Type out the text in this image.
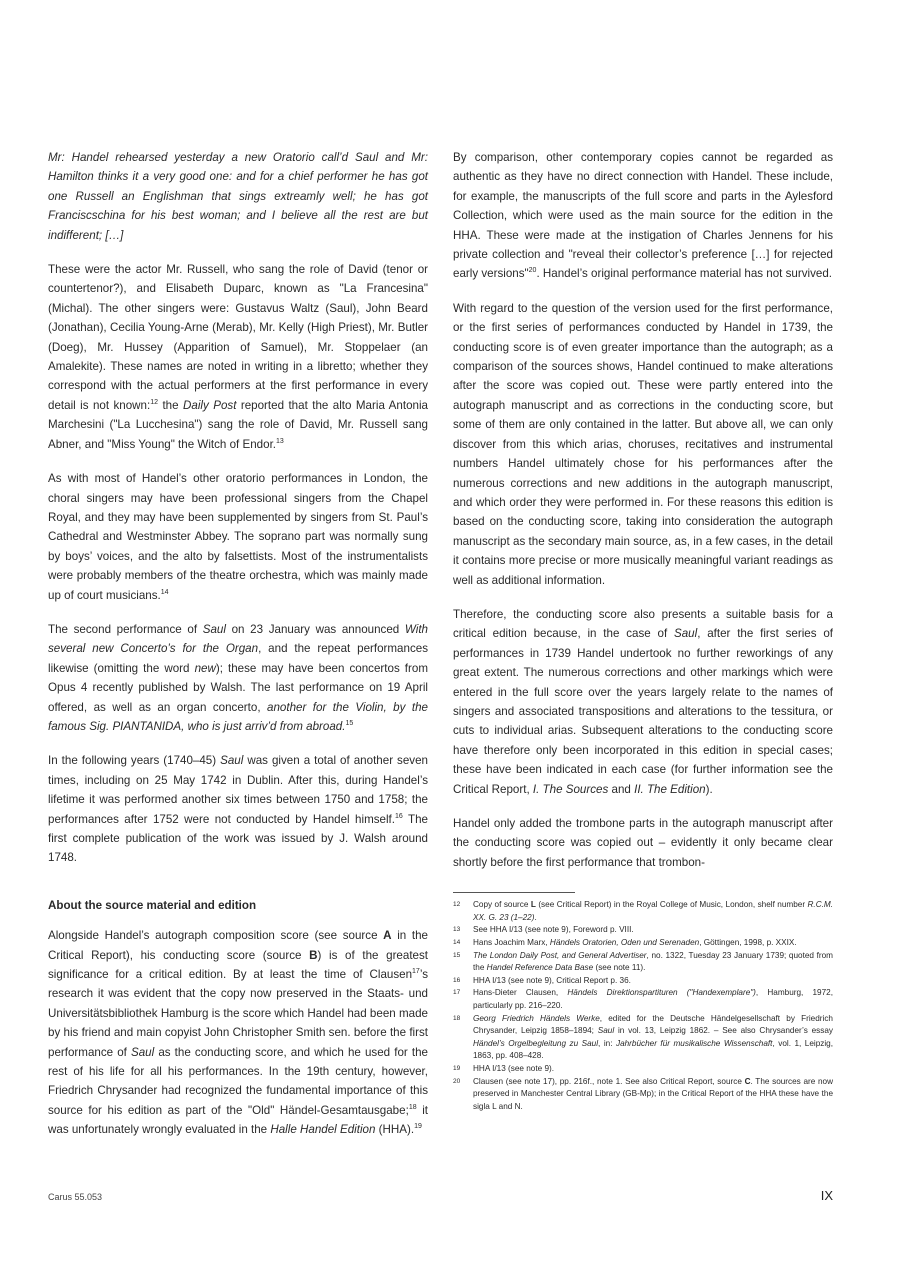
Mr: Handel rehearsed yesterday a new Oratorio call’d Saul and Mr: Hamilton thinks it a very good one: and for a chief performer he has got one Russell an Englishman that sings extreamly well; he has got Franciscschina for his best woman; and I believe all the rest are but indifferent; […]

These were the actor Mr. Russell, who sang the role of David (tenor or countertenor?), and Elisabeth Duparc, known as "La Francesina" (Michal). The other singers were: Gustavus Waltz (Saul), John Beard (Jonathan), Cecilia Young-Arne (Merab), Mr. Kelly (High Priest), Mr. Butler (Doeg), Mr. Hussey (Apparition of Samuel), Mr. Stoppelaer (an Amalekite). These names are noted in writing in a libretto; whether they correspond with the actual performers at the first performance in every detail is not known:$^{12}$ the Daily Post reported that the alto Maria Antonia Marchesini ("La Lucchesina") sang the role of David, Mr. Russell sang Abner, and "Miss Young" the Witch of Endor.$^{13}$

As with most of Handel’s other oratorio performances in London, the choral singers may have been professional singers from the Chapel Royal, and they may have been supplemented by singers from St. Paul’s Cathedral and Westminster Abbey. The soprano part was normally sung by boys’ voices, and the alto by falsettists. Most of the instrumentalists were probably members of the theatre orchestra, which was mainly made up of court musicians.$^{14}$

The second performance of Saul on 23 January was announced With several new Concerto’s for the Organ, and the repeat performances likewise (omitting the word new); these may have been concertos from Opus 4 recently published by Walsh. The last performance on 19 April offered, as well as an organ concerto, another for the Violin, by the famous Sig. PIANTANIDA, who is just arriv’d from abroad.$^{15}$

In the following years (1740–45) Saul was given a total of another seven times, including on 25 May 1742 in Dublin. After this, during Handel’s lifetime it was performed another six times between 1750 and 1758; the performances after 1752 were not conducted by Handel himself.$^{16}$ The first complete publication of the work was issued by J. Walsh around 1748.

About the source material and edition

Alongside Handel’s autograph composition score (see source A in the Critical Report), his conducting score (source B) is of the greatest significance for a critical edition. By at least the time of Clausen$^{17}$’s research it was evident that the copy now preserved in the Staats- und Universitätsbibliothek Hamburg is the score which Handel had been made by his friend and main copyist John Christopher Smith sen. before the first performance of Saul as the conducting score, and which he used for the rest of his life for all his performances. In the 19th century, however, Friedrich Chrysander had recognized the fundamental importance of this source for his edition as part of the "Old" Händel-Gesamtausgabe;$^{18}$ it was unfortunately wrongly evaluated in the Halle Handel Edition (HHA).$^{19}$

By comparison, other contemporary copies cannot be regarded as authentic as they have no direct connection with Handel. These include, for example, the manuscripts of the full score and parts in the Aylesford Collection, which were used as the main source for the edition in the HHA. These were made at the instigation of Charles Jennens for his private collection and "reveal their collector’s preference […] for rejected early versions"$^{20}$. Handel’s original performance material has not survived.

With regard to the question of the version used for the first performance, or the first series of performances conducted by Handel in 1739, the conducting score is of even greater importance than the autograph; as a comparison of the sources shows, Handel continued to make alterations after the score was copied out. These were partly entered into the autograph manuscript and as corrections in the conducting score, but some of them are only contained in the latter. But above all, we can only discover from this which arias, choruses, recitatives and instrumental numbers Handel ultimately chose for his performances after the numerous corrections and new additions in the autograph manuscript, and which order they were performed in. For these reasons this edition is based on the conducting score, taking into consideration the autograph manuscript as the secondary main source, as, in a few cases, in the detail it contains more precise or more musically meaningful variant readings as well as additional information.

Therefore, the conducting score also presents a suitable basis for a critical edition because, in the case of Saul, after the first series of performances in 1739 Handel undertook no further reworkings of any great extent. The numerous corrections and other markings which were entered in the full score over the years largely relate to the names of singers and associated transpositions and alterations to the tessitura, or cuts to individual arias. Subsequent alterations to the conducting score have therefore only been incorporated in this edition in special cases; these have been indicated in each case (for further information see the Critical Report, I. The Sources and II. The Edition).

Handel only added the trombone parts in the autograph manuscript after the conducting score was copied out – evidently it only became clear shortly before the first performance that trombon-

12	Copy of source L (see Critical Report) in the Royal College of Music, London, shelf number R.C.M. XX. G. 23 (1–22).
13	See HHA I/13 (see note 9), Foreword p. VIII.
14	Hans Joachim Marx, Händels Oratorien, Oden und Serenaden, Göttingen, 1998, p. XXIX.
15	The London Daily Post, and General Advertiser, no. 1322, Tuesday 23 January 1739; quoted from the Handel Reference Data Base (see note 11).
16	HHA I/13 (see note 9), Critical Report p. 36.
17	Hans-Dieter Clausen, Händels Direktionspartituren ("Handexemplare"), Hamburg, 1972, particularly pp. 216–220.
18	Georg Friedrich Händels Werke, edited for the Deutsche Händelgesellschaft by Friedrich Chrysander, Leipzig 1858–1894; Saul in vol. 13, Leipzig 1862. – See also Chrysander’s essay Händel’s Orgelbegleitung zu Saul, in: Jahrbücher für musikalische Wissenschaft, vol. 1, Leipzig, 1863, pp. 408–428.
19	HHA I/13 (see note 9).
20	Clausen (see note 17), pp. 216f., note 1. See also Critical Report, source C. The sources are now preserved in Manchester Central Library (GB-Mp); in the Critical Report of the HHA these have the sigla L and N.
Carus 55.053	IX
